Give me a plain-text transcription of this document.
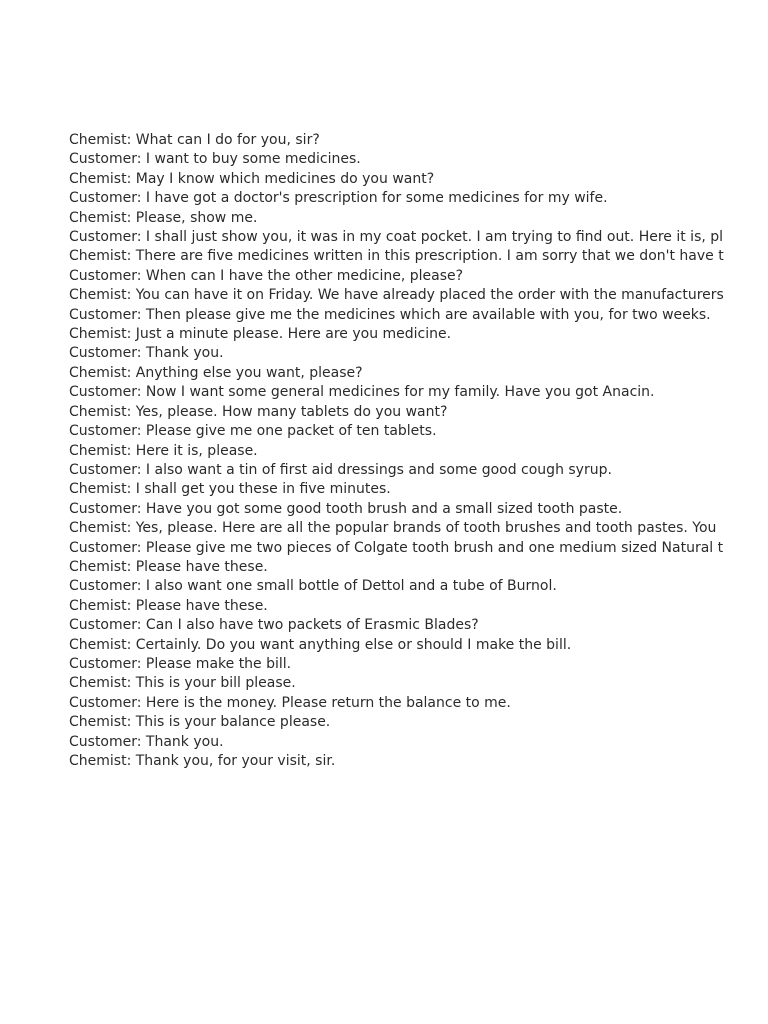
Chemist: What can I do for you, sir?
Customer: I want to buy some medicines.
Chemist: May I know which medicines do you want?
Customer: I have got a doctor's prescription for some medicines for my wife.
Chemist: Please, show me.
Customer: I shall just show you, it was in my coat pocket. I am trying to find out. Here it is, pl
Chemist: There are five medicines written in this prescription. I am sorry that we don't have t
Customer: When can I have the other medicine, please?
Chemist: You can have it on Friday. We have already placed the order with the manufacturers
Customer: Then please give me the medicines which are available with you, for two weeks.
Chemist: Just a minute please. Here are you medicine.
Customer: Thank you.
Chemist: Anything else you want, please?
Customer: Now I want some general medicines for my family. Have you got Anacin.
Chemist: Yes, please. How many tablets do you want?
Customer: Please give me one packet of ten tablets.
Chemist: Here it is, please.
Customer: I also want a tin of first aid dressings and some good cough syrup.
Chemist: I shall get you these in five minutes.
Customer: Have you got some good tooth brush and a small sized tooth paste.
Chemist: Yes, please. Here are all the popular brands of tooth brushes and tooth pastes. You
Customer: Please give me two pieces of Colgate tooth brush and one medium sized Natural t
Chemist: Please have these.
Customer: I also want one small bottle of Dettol and a tube of Burnol.
Chemist: Please have these.
Customer: Can I also have two packets of Erasmic Blades?
Chemist: Certainly. Do you want anything else or should I make the bill.
Customer: Please make the bill.
Chemist: This is your bill please.
Customer: Here is the money. Please return the balance to me.
Chemist: This is your balance please.
Customer: Thank you.
Chemist: Thank you, for your visit, sir.
